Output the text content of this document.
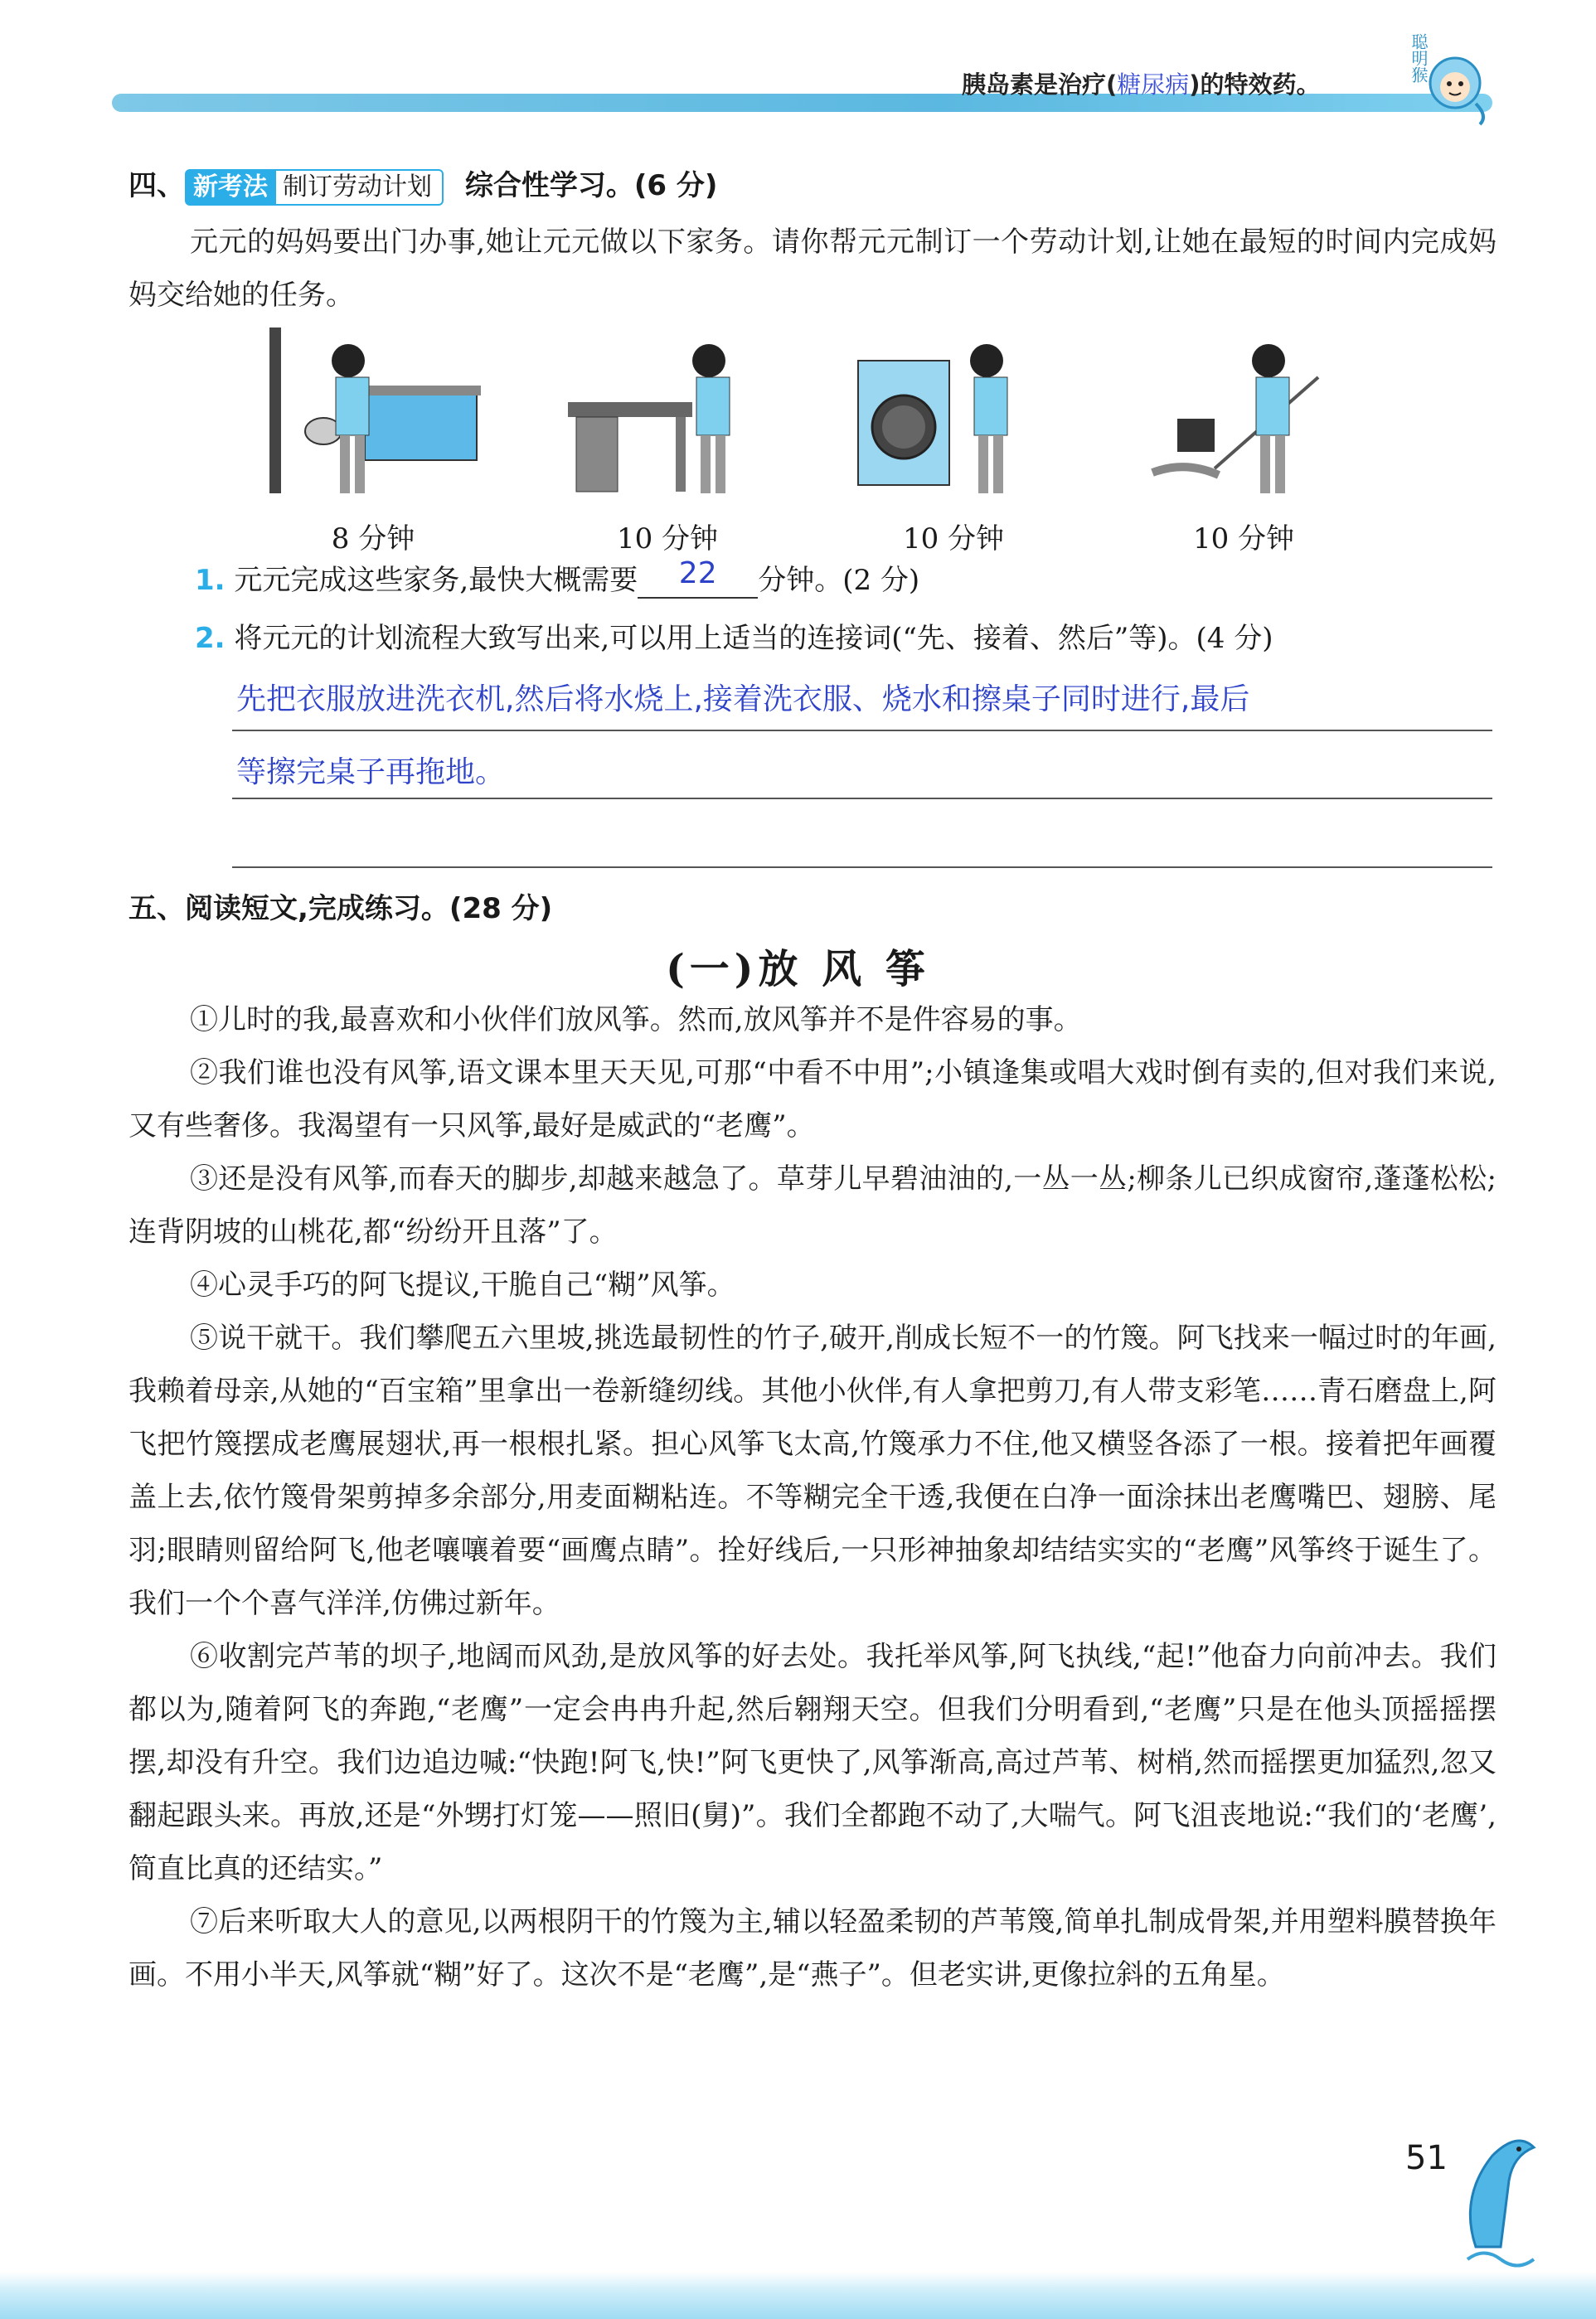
胰岛素是治疗(糖尿病)的特效药。
聪明猴
四、 新考法 制订劳动计划 综合性学习。(6 分)
元元的妈妈要出门办事,她让元元做以下家务。请你帮元元制订一个劳动计划,让她在最短的时间内完成妈妈交给她的任务。
8 分钟	10 分钟	10 分钟	10 分钟
1. 元元完成这些家务,最快大概需要 22 分钟。(2 分)
2. 将元元的计划流程大致写出来,可以用上适当的连接词(“先、接着、然后”等)。(4 分)
先把衣服放进洗衣机,然后将水烧上,接着洗衣服、烧水和擦桌子同时进行,最后
等擦完桌子再拖地。
五、阅读短文,完成练习。(28 分)
(一)放 风 筝
①儿时的我,最喜欢和小伙伴们放风筝。然而,放风筝并不是件容易的事。
②我们谁也没有风筝,语文课本里天天见,可那“中看不中用”;小镇逢集或唱大戏时倒有卖的,但对我们来说,又有些奢侈。我渴望有一只风筝,最好是威武的“老鹰”。
③还是没有风筝,而春天的脚步,却越来越急了。草芽儿早碧油油的,一丛一丛;柳条儿已织成窗帘,蓬蓬松松;连背阴坡的山桃花,都“纷纷开且落”了。
④心灵手巧的阿飞提议,干脆自己“糊”风筝。
⑤说干就干。我们攀爬五六里坡,挑选最韧性的竹子,破开,削成长短不一的竹篾。阿飞找来一幅过时的年画,我赖着母亲,从她的“百宝箱”里拿出一卷新缝纫线。其他小伙伴,有人拿把剪刀,有人带支彩笔……青石磨盘上,阿飞把竹篾摆成老鹰展翅状,再一根根扎紧。担心风筝飞太高,竹篾承力不住,他又横竖各添了一根。接着把年画覆盖上去,依竹篾骨架剪掉多余部分,用麦面糊粘连。不等糊完全干透,我便在白净一面涂抹出老鹰嘴巴、翅膀、尾羽;眼睛则留给阿飞,他老嚷嚷着要“画鹰点睛”。拴好线后,一只形神抽象却结结实实的“老鹰”风筝终于诞生了。我们一个个喜气洋洋,仿佛过新年。
⑥收割完芦苇的坝子,地阔而风劲,是放风筝的好去处。我托举风筝,阿飞执线,“起!”他奋力向前冲去。我们都以为,随着阿飞的奔跑,“老鹰”一定会冉冉升起,然后翱翔天空。但我们分明看到,“老鹰”只是在他头顶摇摇摆摆,却没有升空。我们边追边喊:“快跑!阿飞,快!”阿飞更快了,风筝渐高,高过芦苇、树梢,然而摇摆更加猛烈,忽又翻起跟头来。再放,还是“外甥打灯笼——照旧(舅)”。我们全都跑不动了,大喘气。阿飞沮丧地说:“我们的‘老鹰’,简直比真的还结实。”
⑦后来听取大人的意见,以两根阴干的竹篾为主,辅以轻盈柔韧的芦苇篾,简单扎制成骨架,并用塑料膜替换年画。不用小半天,风筝就“糊”好了。这次不是“老鹰”,是“燕子”。但老实讲,更像拉斜的五角星。
51
